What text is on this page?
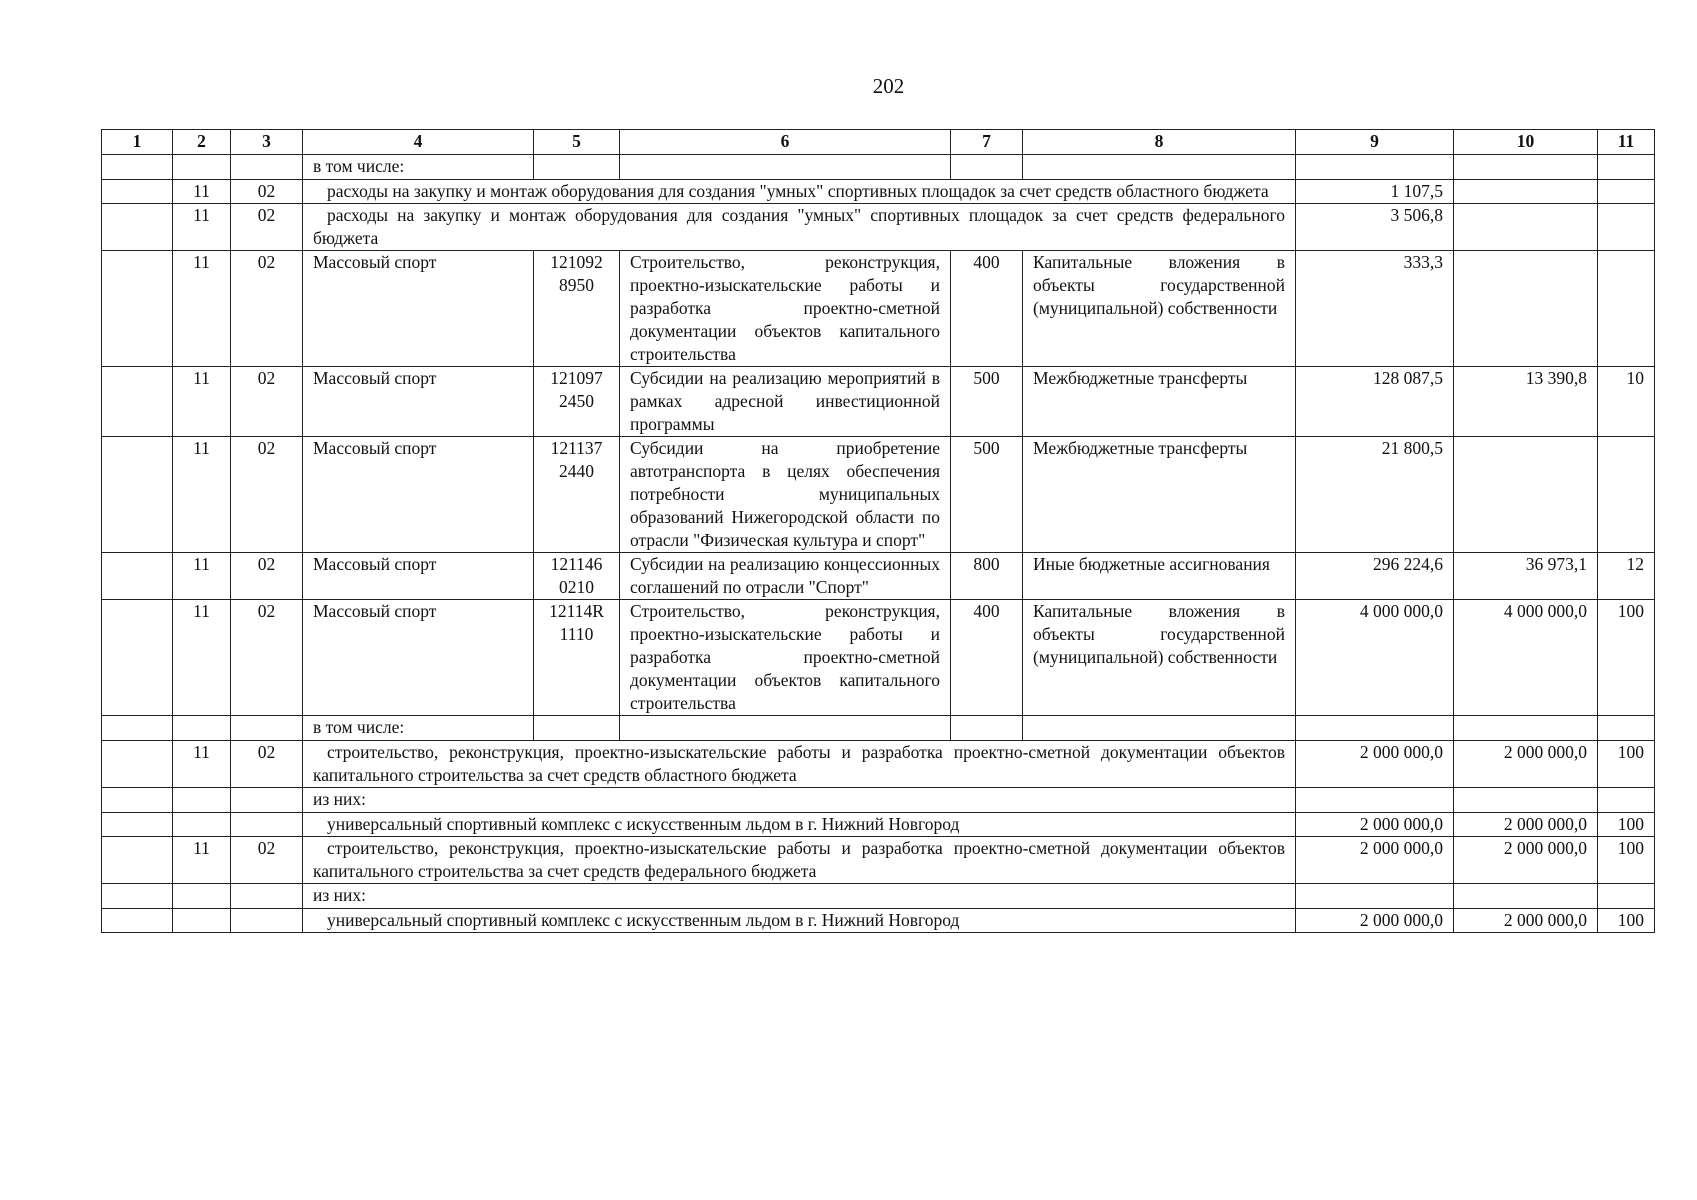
202
1	2	3	4	5	6	7	8	9	10	11
			в том числе:							
	11	02	расходы на закупку и монтаж оборудования для создания "умных" спортивных площадок за счет средств областного бюджета					1 107,5		
	11	02	расходы на закупку и монтаж оборудования для создания "умных" спортивных площадок за счет средств федерального бюджета					3 506,8		
	11	02	Массовый спорт	121092 8950	Строительство, реконструкция, проектно-изыскательские работы и разработка проектно-сметной документации объектов капитального строительства	400	Капитальные вложения в объекты государственной (муниципальной) собственности	333,3		
	11	02	Массовый спорт	121097 2450	Субсидии на реализацию мероприятий в рамках адресной инвестиционной программы	500	Межбюджетные трансферты	128 087,5	13 390,8	10
	11	02	Массовый спорт	121137 2440	Субсидии на приобретение автотранспорта в целях обеспечения потребности муниципальных образований Нижегородской области по отрасли "Физическая культура и спорт"	500	Межбюджетные трансферты	21 800,5		
	11	02	Массовый спорт	121146 0210	Субсидии на реализацию концессионных соглашений по отрасли "Спорт"	800	Иные бюджетные ассигнования	296 224,6	36 973,1	12
	11	02	Массовый спорт	12114R 1110	Строительство, реконструкция, проектно-изыскательские работы и разработка проектно-сметной документации объектов капитального строительства	400	Капитальные вложения в объекты государственной (муниципальной) собственности	4 000 000,0	4 000 000,0	100
			в том числе:							
	11	02	строительство, реконструкция, проектно-изыскательские работы и разработка проектно-сметной документации объектов капитального строительства за счет средств областного бюджета					2 000 000,0	2 000 000,0	100
			из них:							
			универсальный спортивный комплекс с искусственным льдом в г. Нижний Новгород					2 000 000,0	2 000 000,0	100
	11	02	строительство, реконструкция, проектно-изыскательские работы и разработка проектно-сметной документации объектов капитального строительства за счет средств федерального бюджета					2 000 000,0	2 000 000,0	100
			из них:							
			универсальный спортивный комплекс с искусственным льдом в г. Нижний Новгород					2 000 000,0	2 000 000,0	100
